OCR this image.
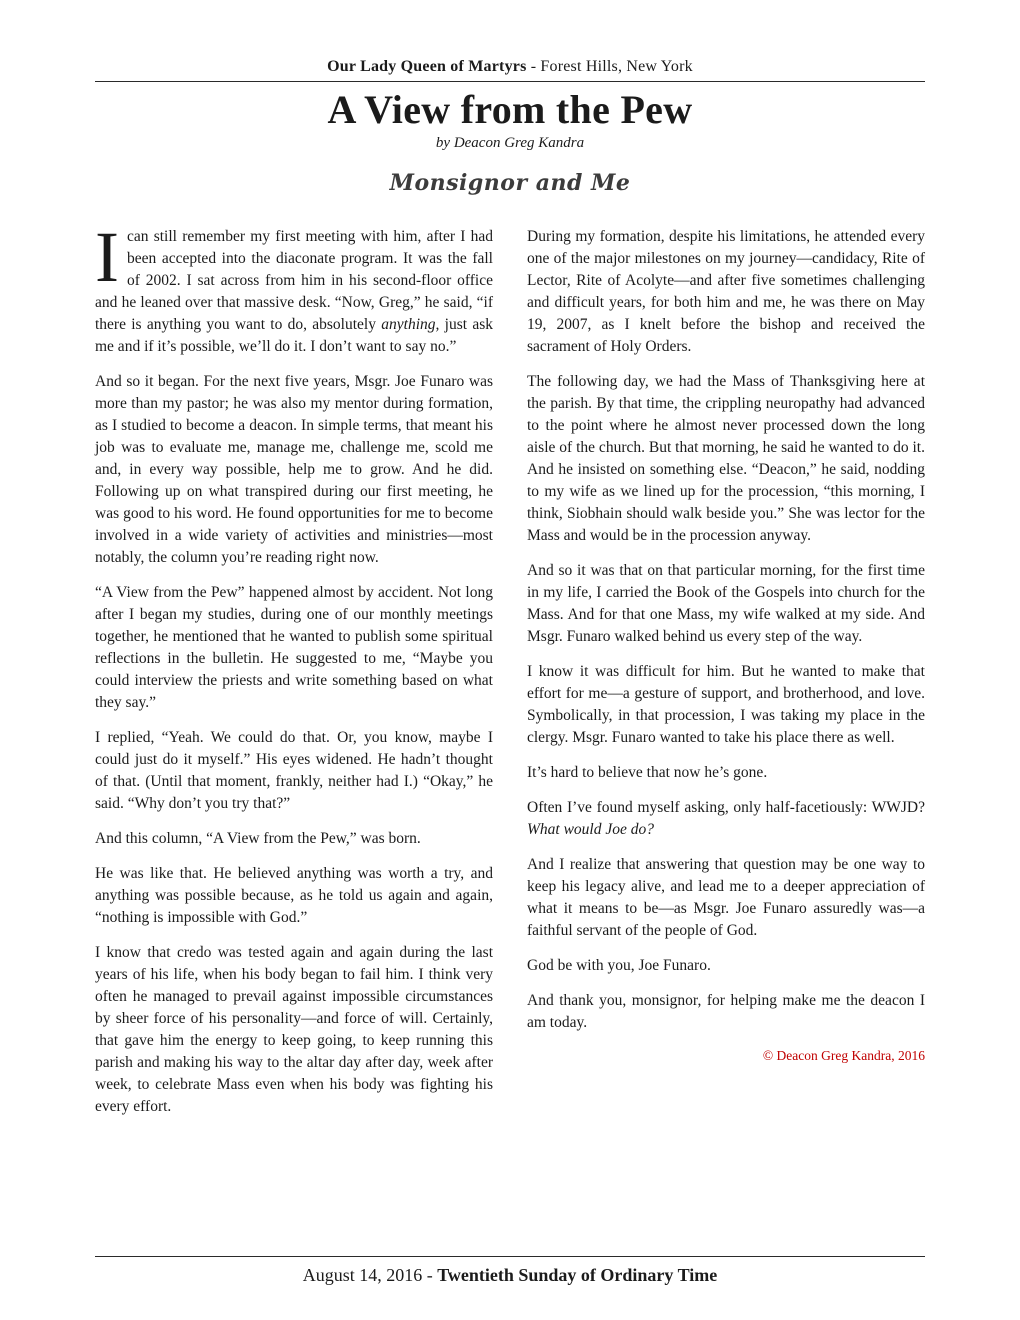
Our Lady Queen of Martyrs - Forest Hills, New York
A View from the Pew
by Deacon Greg Kandra
Monsignor and Me

Ican still remember my first meeting with him, after I had been accepted into the diaconate program. It was the fall of 2002. I sat across from him in his second-floor office and he leaned over that massive desk. “Now, Greg,” he said, “if there is anything you want to do, absolutely anything, just ask me and if it’s possible, we’ll do it. I don’t want to say no.”

And so it began. For the next five years, Msgr. Joe Funaro was more than my pastor; he was also my mentor during formation, as I studied to become a deacon. In simple terms, that meant his job was to evaluate me, manage me, challenge me, scold me and, in every way possible, help me to grow. And he did. Following up on what transpired during our first meeting, he was good to his word. He found opportunities for me to become involved in a wide variety of activities and ministries—most notably, the column you’re reading right now.

“A View from the Pew” happened almost by accident. Not long after I began my studies, during one of our monthly meetings together, he mentioned that he wanted to publish some spiritual reflections in the bulletin. He suggested to me, “Maybe you could interview the priests and write something based on what they say.”

I replied, “Yeah. We could do that. Or, you know, maybe I could just do it myself.” His eyes widened. He hadn’t thought of that. (Until that moment, frankly, neither had I.) “Okay,” he said. “Why don’t you try that?”

And this column, “A View from the Pew,” was born.

He was like that. He believed anything was worth a try, and anything was possible because, as he told us again and again, “nothing is impossible with God.”

I know that credo was tested again and again during the last years of his life, when his body began to fail him. I think very often he managed to prevail against impossible circumstances by sheer force of his personality—and force of will. Certainly, that gave him the energy to keep going, to keep running this parish and making his way to the altar day after day, week after week, to celebrate Mass even when his body was fighting his every effort.

During my formation, despite his limitations, he attended every one of the major milestones on my journey—candidacy, Rite of Lector, Rite of Acolyte—and after five sometimes challenging and difficult years, for both him and me, he was there on May 19, 2007, as I knelt before the bishop and received the sacrament of Holy Orders.

The following day, we had the Mass of Thanksgiving here at the parish. By that time, the crippling neuropathy had advanced to the point where he almost never processed down the long aisle of the church. But that morning, he said he wanted to do it. And he insisted on something else. “Deacon,” he said, nodding to my wife as we lined up for the procession, “this morning, I think, Siobhain should walk beside you.” She was lector for the Mass and would be in the procession anyway.

And so it was that on that particular morning, for the first time in my life, I carried the Book of the Gospels into church for the Mass. And for that one Mass, my wife walked at my side. And Msgr. Funaro walked behind us every step of the way.

I know it was difficult for him. But he wanted to make that effort for me—a gesture of support, and brotherhood, and love. Symbolically, in that procession, I was taking my place in the clergy. Msgr. Funaro wanted to take his place there as well.

It’s hard to believe that now he’s gone.

Often I’ve found myself asking, only half-facetiously: WWJD? What would Joe do?

And I realize that answering that question may be one way to keep his legacy alive, and lead me to a deeper appreciation of what it means to be—as Msgr. Joe Funaro assuredly was—a faithful servant of the people of God.

God be with you, Joe Funaro.

And thank you, monsignor, for helping make me the deacon I am today.

© Deacon Greg Kandra, 2016
August 14, 2016 - Twentieth Sunday of Ordinary Time
